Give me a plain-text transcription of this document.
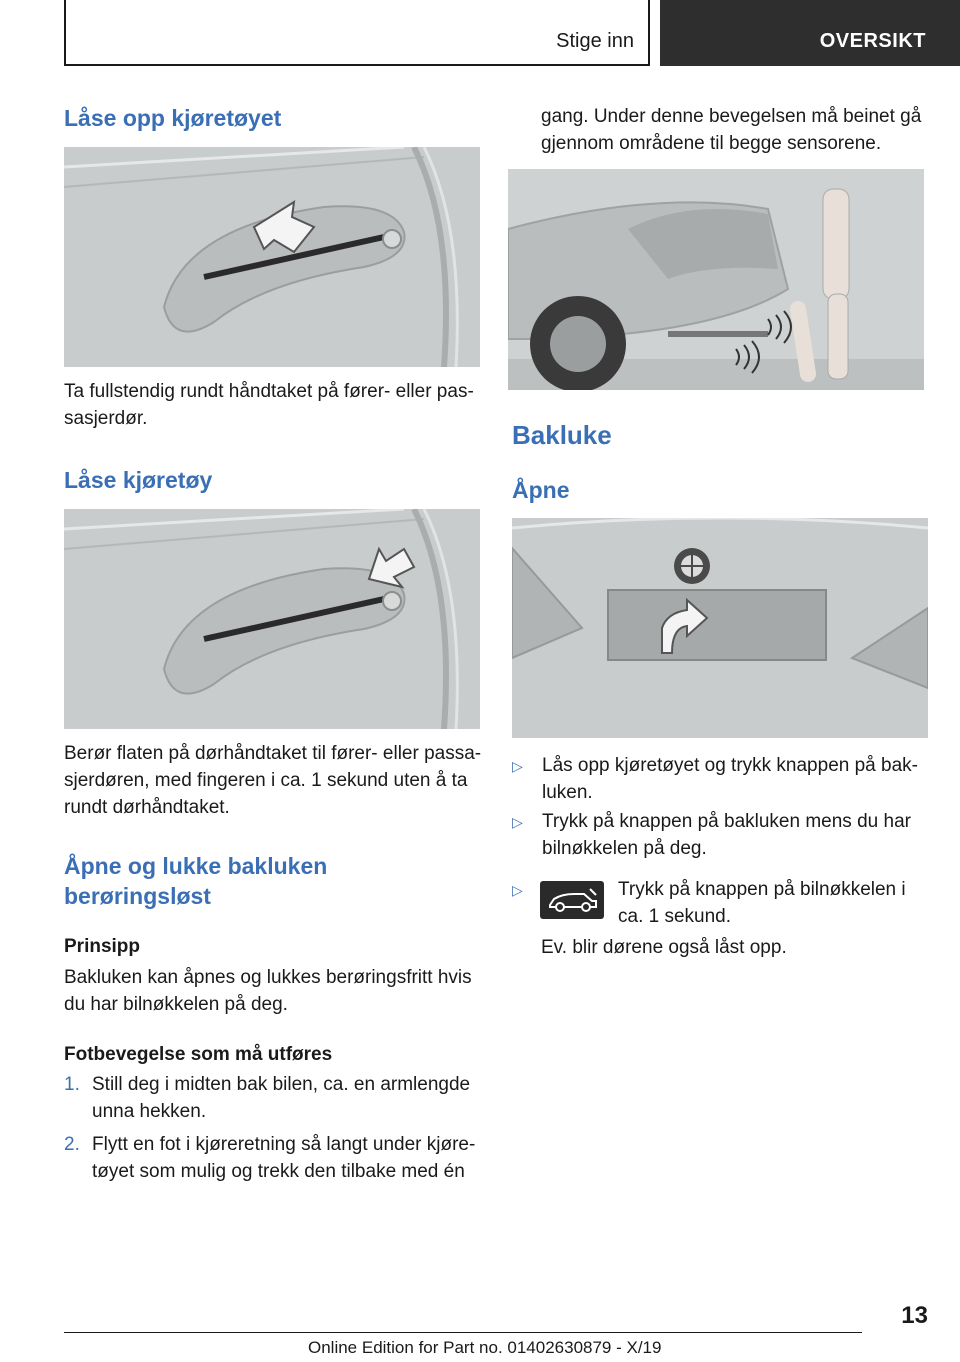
Stige inn	OVERSIKT
Låse opp kjøretøyet
Ta fullstendig rundt håndtaket på fører- eller pas-
sasjerdør.
Låse kjøretøy
Berør flaten på dørhåndtaket til fører- eller passa-
sjerdøren, med fingeren i ca. 1 sekund uten å ta
rundt dørhåndtaket.
Åpne og lukke bakluken
berøringsløst
Prinsipp
Bakluken kan åpnes og lukkes berøringsfritt hvis
du har bilnøkkelen på deg.
Fotbevegelse som må utføres
1. Still deg i midten bak bilen, ca. en armlengde
unna hekken.
2. Flytt en fot i kjøreretning så langt under kjøre-
tøyet som mulig og trekk den tilbake med én
gang. Under denne bevegelsen må beinet gå
gjennom områdene til begge sensorene.
Bakluke
Åpne
▷ Lås opp kjøretøyet og trykk knappen på bak-
luken.
▷ Trykk på knappen på bakluken mens du har
bilnøkkelen på deg.
▷	Trykk på knappen på bilnøkkelen i
ca. 1 sekund.
Ev. blir dørene også låst opp.
13
Online Edition for Part no. 01402630879 - X/19
